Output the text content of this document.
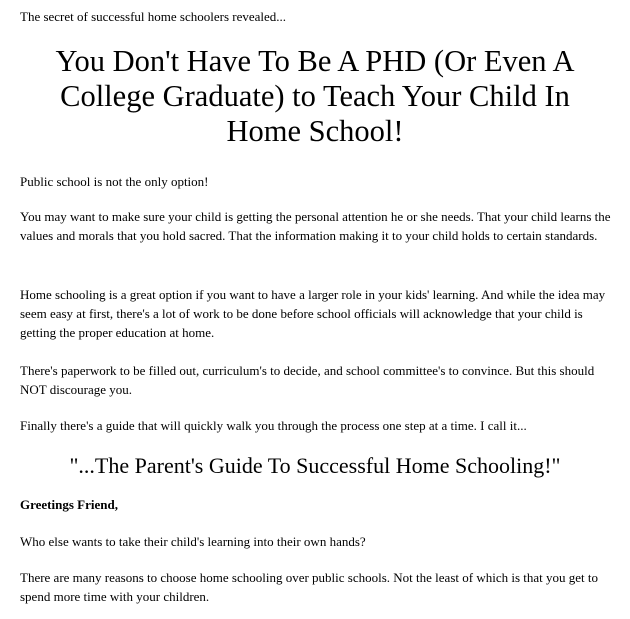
The secret of successful home schoolers revealed...

You Don't Have To Be A PHD (Or Even A College Graduate) to Teach Your Child In Home School!

Public school is not the only option!

You may want to make sure your child is getting the personal attention he or she needs. That your child learns the values and morals that you hold sacred. That the information making it to your child holds to certain standards.

Home schooling is a great option if you want to have a larger role in your kids' learning. And while the idea may seem easy at first, there's a lot of work to be done before school officials will acknowledge that your child is getting the proper education at home.

There's paperwork to be filled out, curriculum's to decide, and school committee's to convince. But this should NOT discourage you.

Finally there's a guide that will quickly walk you through the process one step at a time. I call it...

"...The Parent's Guide To Successful Home Schooling!"

Greetings Friend,

Who else wants to take their child's learning into their own hands?

There are many reasons to choose home schooling over public schools. Not the least of which is that you get to spend more time with your children.
